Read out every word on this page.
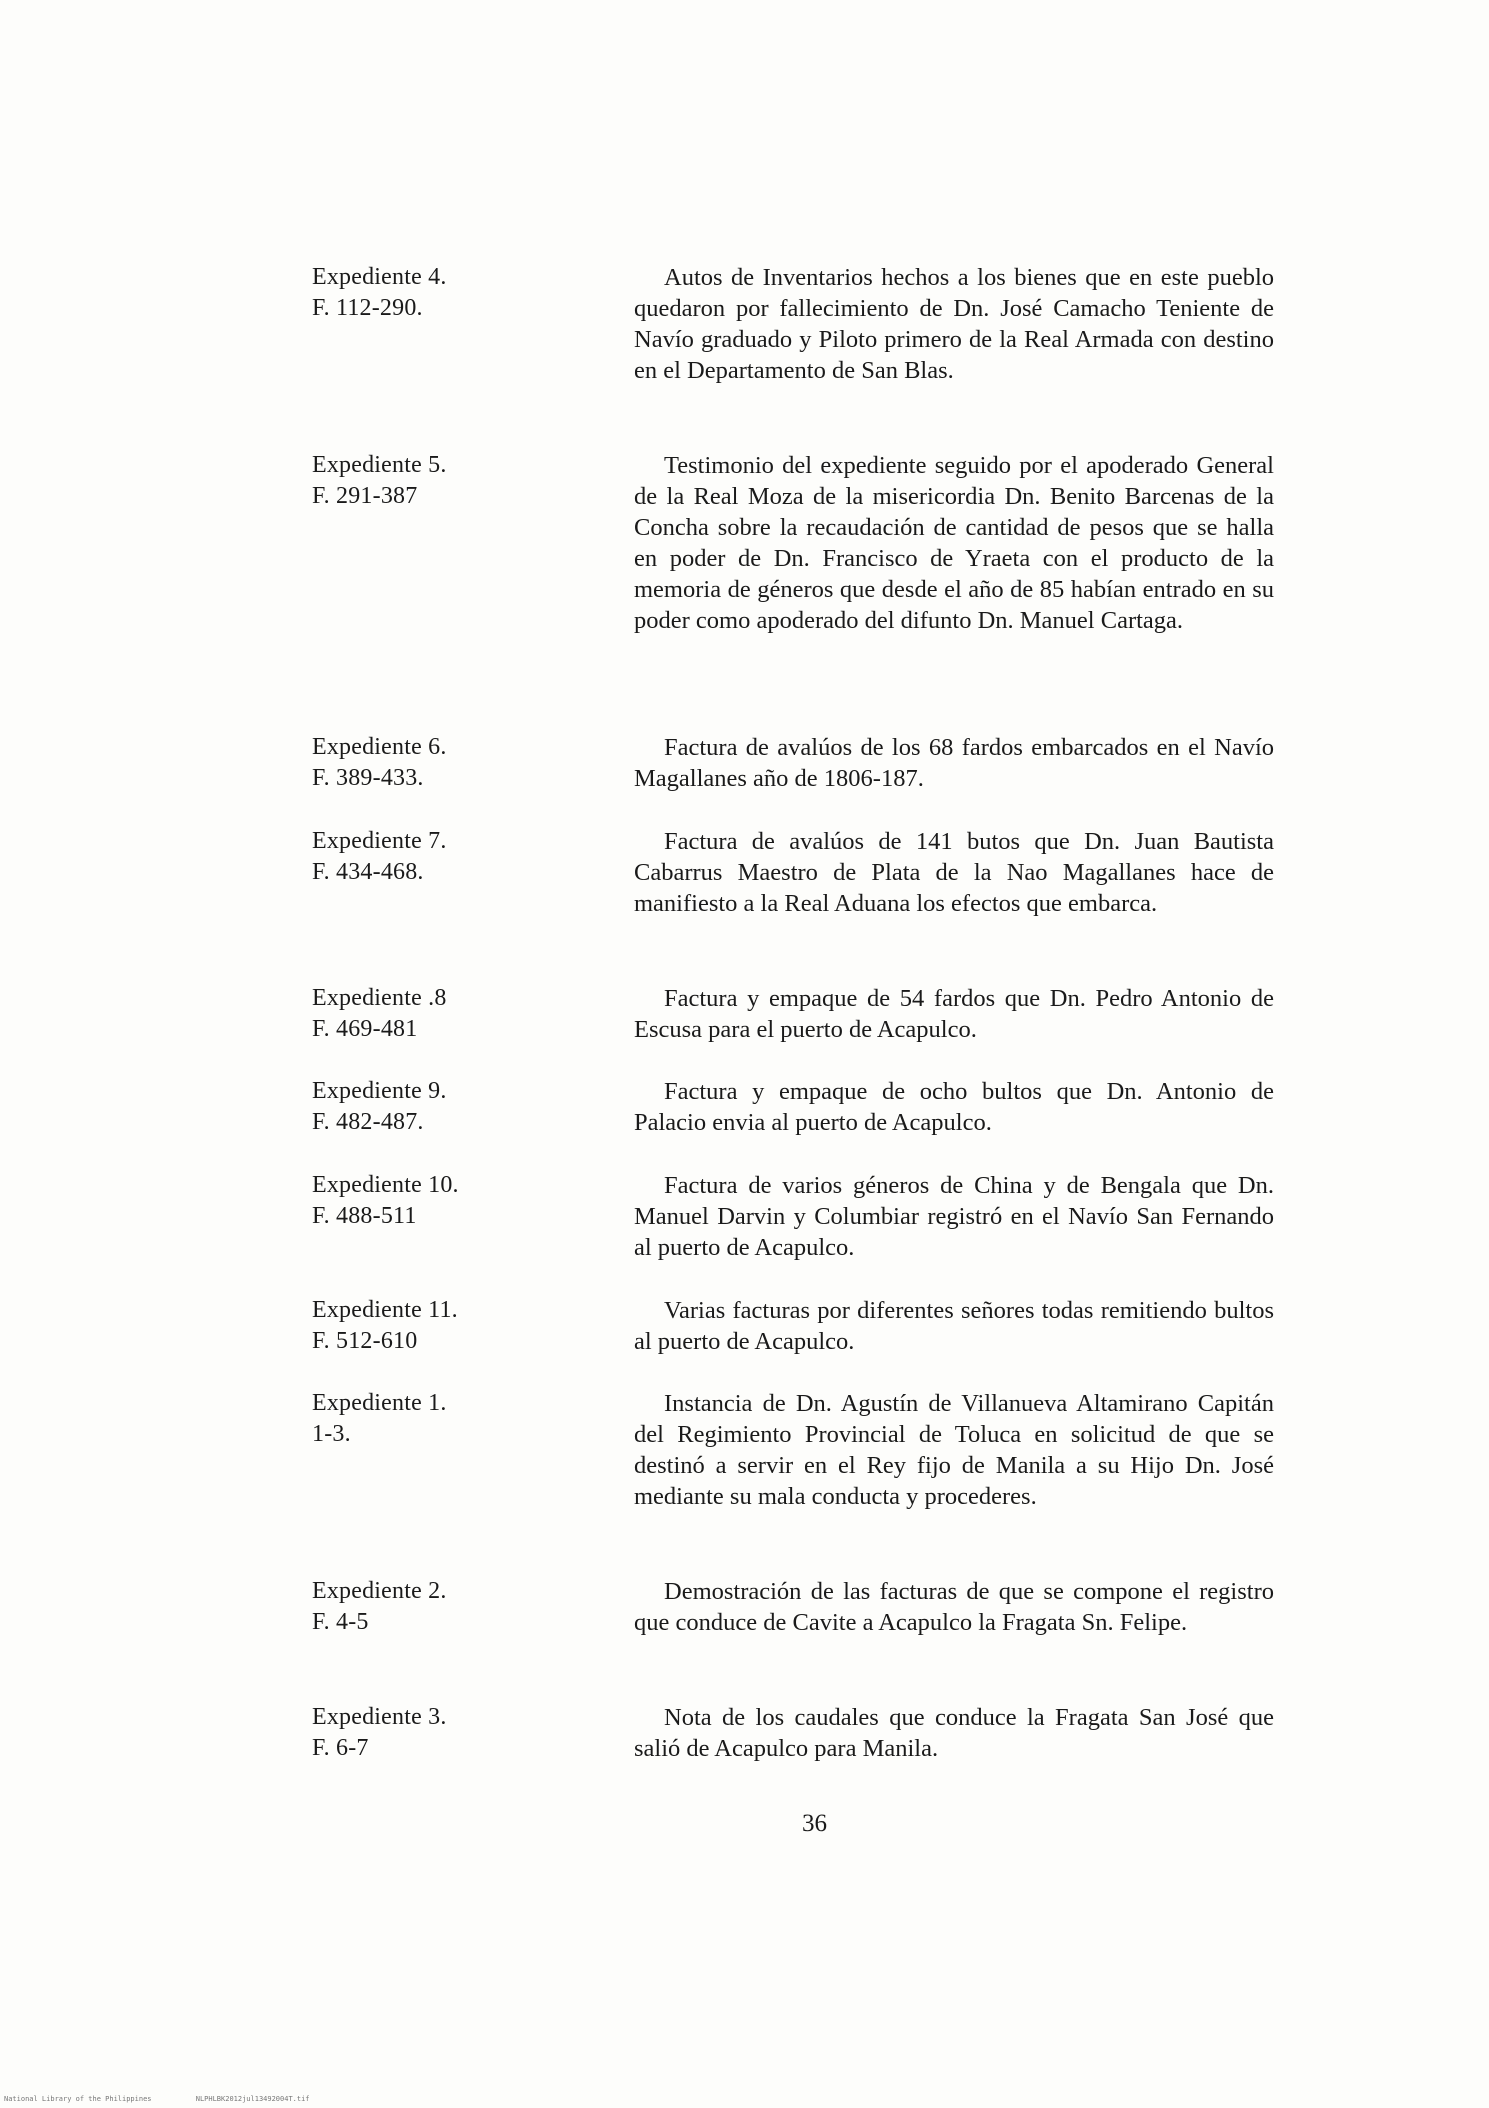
Expediente 4.
F. 112-290.
Autos de Inventarios hechos a los bienes que en este pueblo quedaron por fallecimiento de Dn. José Camacho Teniente de Navío graduado y Piloto primero de la Real Armada con destino en el Departamento de San Blas.
Expediente 5.
F. 291-387
Testimonio del expediente seguido por el apoderado General de la Real Moza de la misericordia Dn. Benito Barcenas de la Concha sobre la recaudación de cantidad de pesos que se halla en poder de Dn. Francisco de Yraeta con el producto de la memoria de géneros que desde el año de 85 habían entrado en su poder como apoderado del difunto Dn. Manuel Cartaga.
Expediente 6.
F. 389-433.
Factura de avalúos de los 68 fardos embarcados en el Navío Magallanes año de 1806-187.
Expediente 7.
F. 434-468.
Factura de avalúos de 141 butos que Dn. Juan Bautista Cabarrus Maestro de Plata de la Nao Magallanes hace de manifiesto a la Real Aduana los efectos que embarca.
Expediente .8
F. 469-481
Factura y empaque de 54 fardos que Dn. Pedro Antonio de Escusa para el puerto de Acapulco.
Expediente 9.
F. 482-487.
Factura y empaque de ocho bultos que Dn. Antonio de Palacio envia al puerto de Acapulco.
Expediente 10.
F. 488-511
Factura de varios géneros de China y de Bengala que Dn. Manuel Darvin y Columbiar registró en el Navío San Fernando al puerto de Acapulco.
Expediente 11.
F. 512-610
Varias facturas por diferentes señores todas remitiendo bultos al puerto de Acapulco.
Expediente 1.
1-3.
Instancia de Dn. Agustín de Villanueva Altamirano Capitán del Regimiento Provincial de Toluca en solicitud de que se destinó a servir en el Rey fijo de Manila a su Hijo Dn. José mediante su mala conducta y procederes.
Expediente 2.
F. 4-5
Demostración de las facturas de que se compone el registro que conduce de Cavite a Acapulco la Fragata Sn. Felipe.
Expediente 3.
F. 6-7
Nota de los caudales que conduce la Fragata San José que salió de Acapulco para Manila.
36
National Library of the Philippines	NLPHLBK2012jul13492004T.tif
